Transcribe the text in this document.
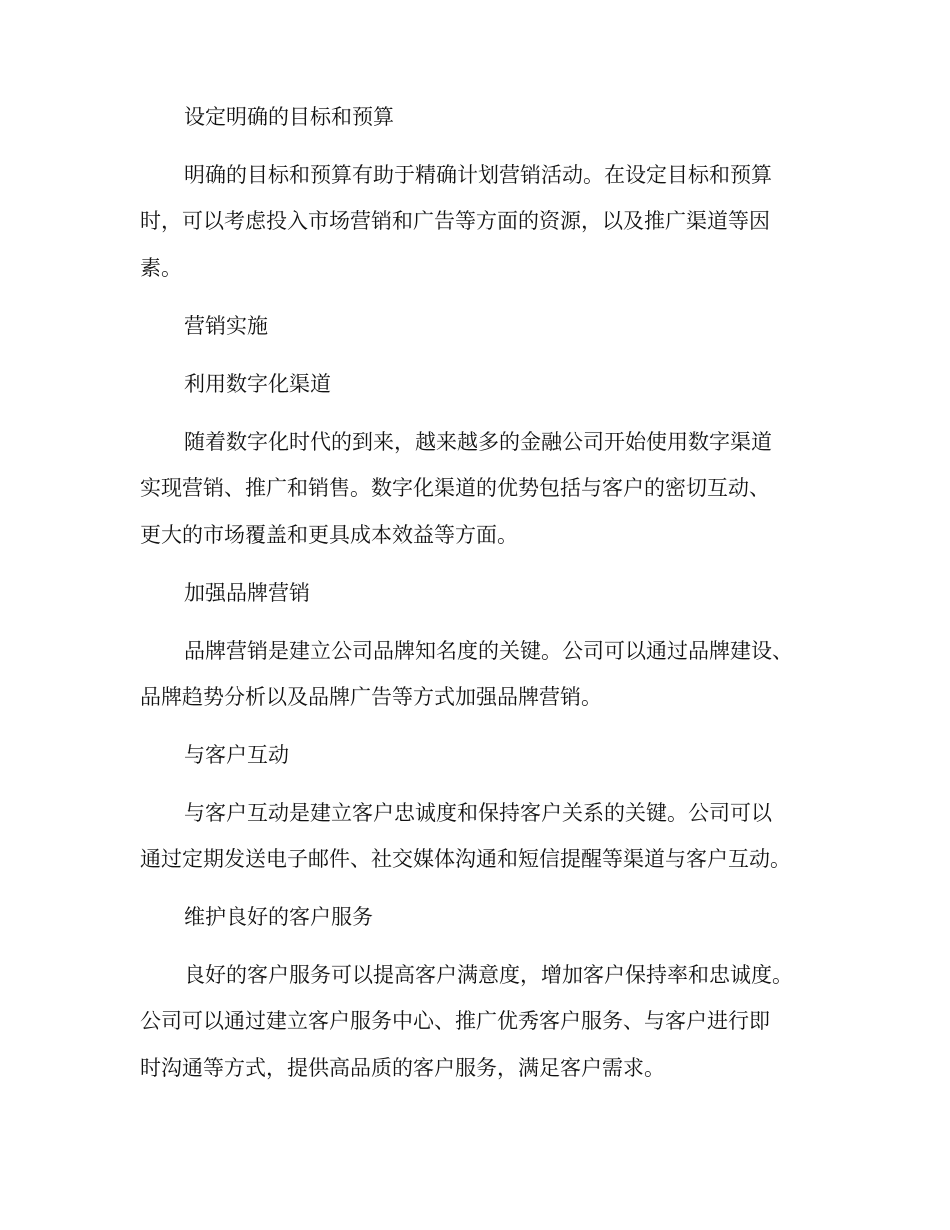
设定明确的目标和预算
明确的目标和预算有助于精确计划营销活动。在设定目标和预算
时，可以考虑投入市场营销和广告等方面的资源，以及推广渠道等因
素。
营销实施
利用数字化渠道
随着数字化时代的到来，越来越多的金融公司开始使用数字渠道
实现营销、推广和销售。数字化渠道的优势包括与客户的密切互动、
更大的市场覆盖和更具成本效益等方面。
加强品牌营销
品牌营销是建立公司品牌知名度的关键。公司可以通过品牌建设、
品牌趋势分析以及品牌广告等方式加强品牌营销。
与客户互动
与客户互动是建立客户忠诚度和保持客户关系的关键。公司可以
通过定期发送电子邮件、社交媒体沟通和短信提醒等渠道与客户互动。
维护良好的客户服务
良好的客户服务可以提高客户满意度，增加客户保持率和忠诚度。
公司可以通过建立客户服务中心、推广优秀客户服务、与客户进行即
时沟通等方式，提供高品质的客户服务，满足客户需求。
